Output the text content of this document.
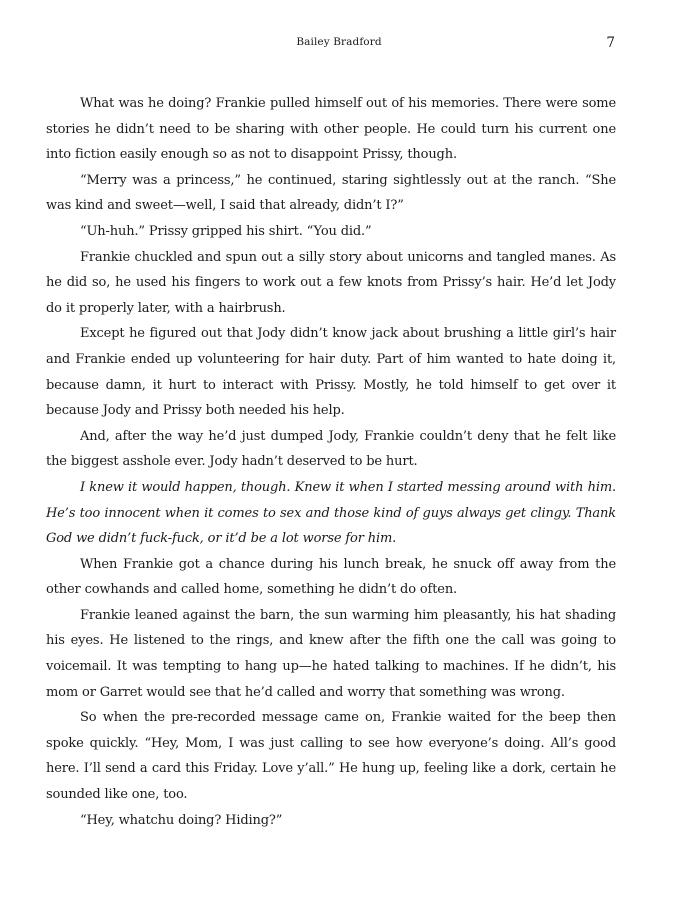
Bailey Bradford	7

What was he doing? Frankie pulled himself out of his memories. There were some stories he didn’t need to be sharing with other people. He could turn his current one into fiction easily enough so as not to disappoint Prissy, though.

“Merry was a princess,” he continued, staring sightlessly out at the ranch. “She was kind and sweet—well, I said that already, didn’t I?”

“Uh-huh.” Prissy gripped his shirt. “You did.”

Frankie chuckled and spun out a silly story about unicorns and tangled manes. As he did so, he used his fingers to work out a few knots from Prissy’s hair. He’d let Jody do it properly later, with a hairbrush.

Except he figured out that Jody didn’t know jack about brushing a little girl’s hair and Frankie ended up volunteering for hair duty. Part of him wanted to hate doing it, because damn, it hurt to interact with Prissy. Mostly, he told himself to get over it because Jody and Prissy both needed his help.

And, after the way he’d just dumped Jody, Frankie couldn’t deny that he felt like the biggest asshole ever. Jody hadn’t deserved to be hurt.

I knew it would happen, though. Knew it when I started messing around with him. He’s too innocent when it comes to sex and those kind of guys always get clingy. Thank God we didn’t fuck-fuck, or it’d be a lot worse for him.

When Frankie got a chance during his lunch break, he snuck off away from the other cowhands and called home, something he didn’t do often.

Frankie leaned against the barn, the sun warming him pleasantly, his hat shading his eyes. He listened to the rings, and knew after the fifth one the call was going to voicemail. It was tempting to hang up—he hated talking to machines. If he didn’t, his mom or Garret would see that he’d called and worry that something was wrong.

So when the pre-recorded message came on, Frankie waited for the beep then spoke quickly. “Hey, Mom, I was just calling to see how everyone’s doing. All’s good here. I’ll send a card this Friday. Love y’all.” He hung up, feeling like a dork, certain he sounded like one, too.

“Hey, whatchu doing? Hiding?”
